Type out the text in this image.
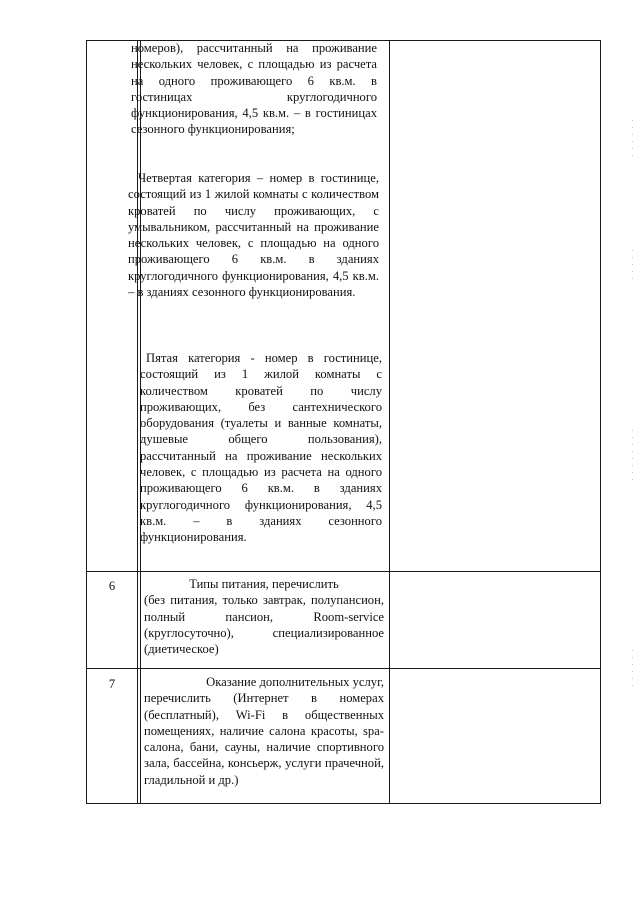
номеров), рассчитанный на проживание нескольких человек, с площадью из расчета на одного проживающего 6 кв.м. в гостиницах круглогодичного функционирования, 4,5 кв.м. – в гостиницах сезонного функционирования;

Четвертая категория – номер в гостинице, состоящий из 1 жилой комнаты с количеством кроватей по числу проживающих, с умывальником, рассчитанный на проживание нескольких человек, с площадью на одного проживающего 6 кв.м. в зданиях круглогодичного функционирования, 4,5 кв.м. – в зданиях сезонного функционирования.

Пятая категория - номер в гостинице, состоящий из 1 жилой комнаты с количеством кроватей по числу проживающих, без сантехнического оборудования (туалеты и ванные комнаты, душевые общего пользования), рассчитанный на проживание нескольких человек, с площадью из расчета на одного проживающего 6 кв.м. в зданиях круглогодичного функционирования, 4,5 кв.м. – в зданиях сезонного функционирования.

6	Типы питания, перечислить

(без питания, только завтрак, полупансион, полный пансион, Room-service (круглосуточно), специализированное (диетическое)

7	Оказание дополнительных услуг,

перечислить (Интернет в номерах (бесплатный), Wi-Fi в общественных помещениях, наличие салона красоты, spa-салона, бани, сауны, наличие спортивного зала, бассейна, консьерж, услуги прачечной, гладильной и др.)
